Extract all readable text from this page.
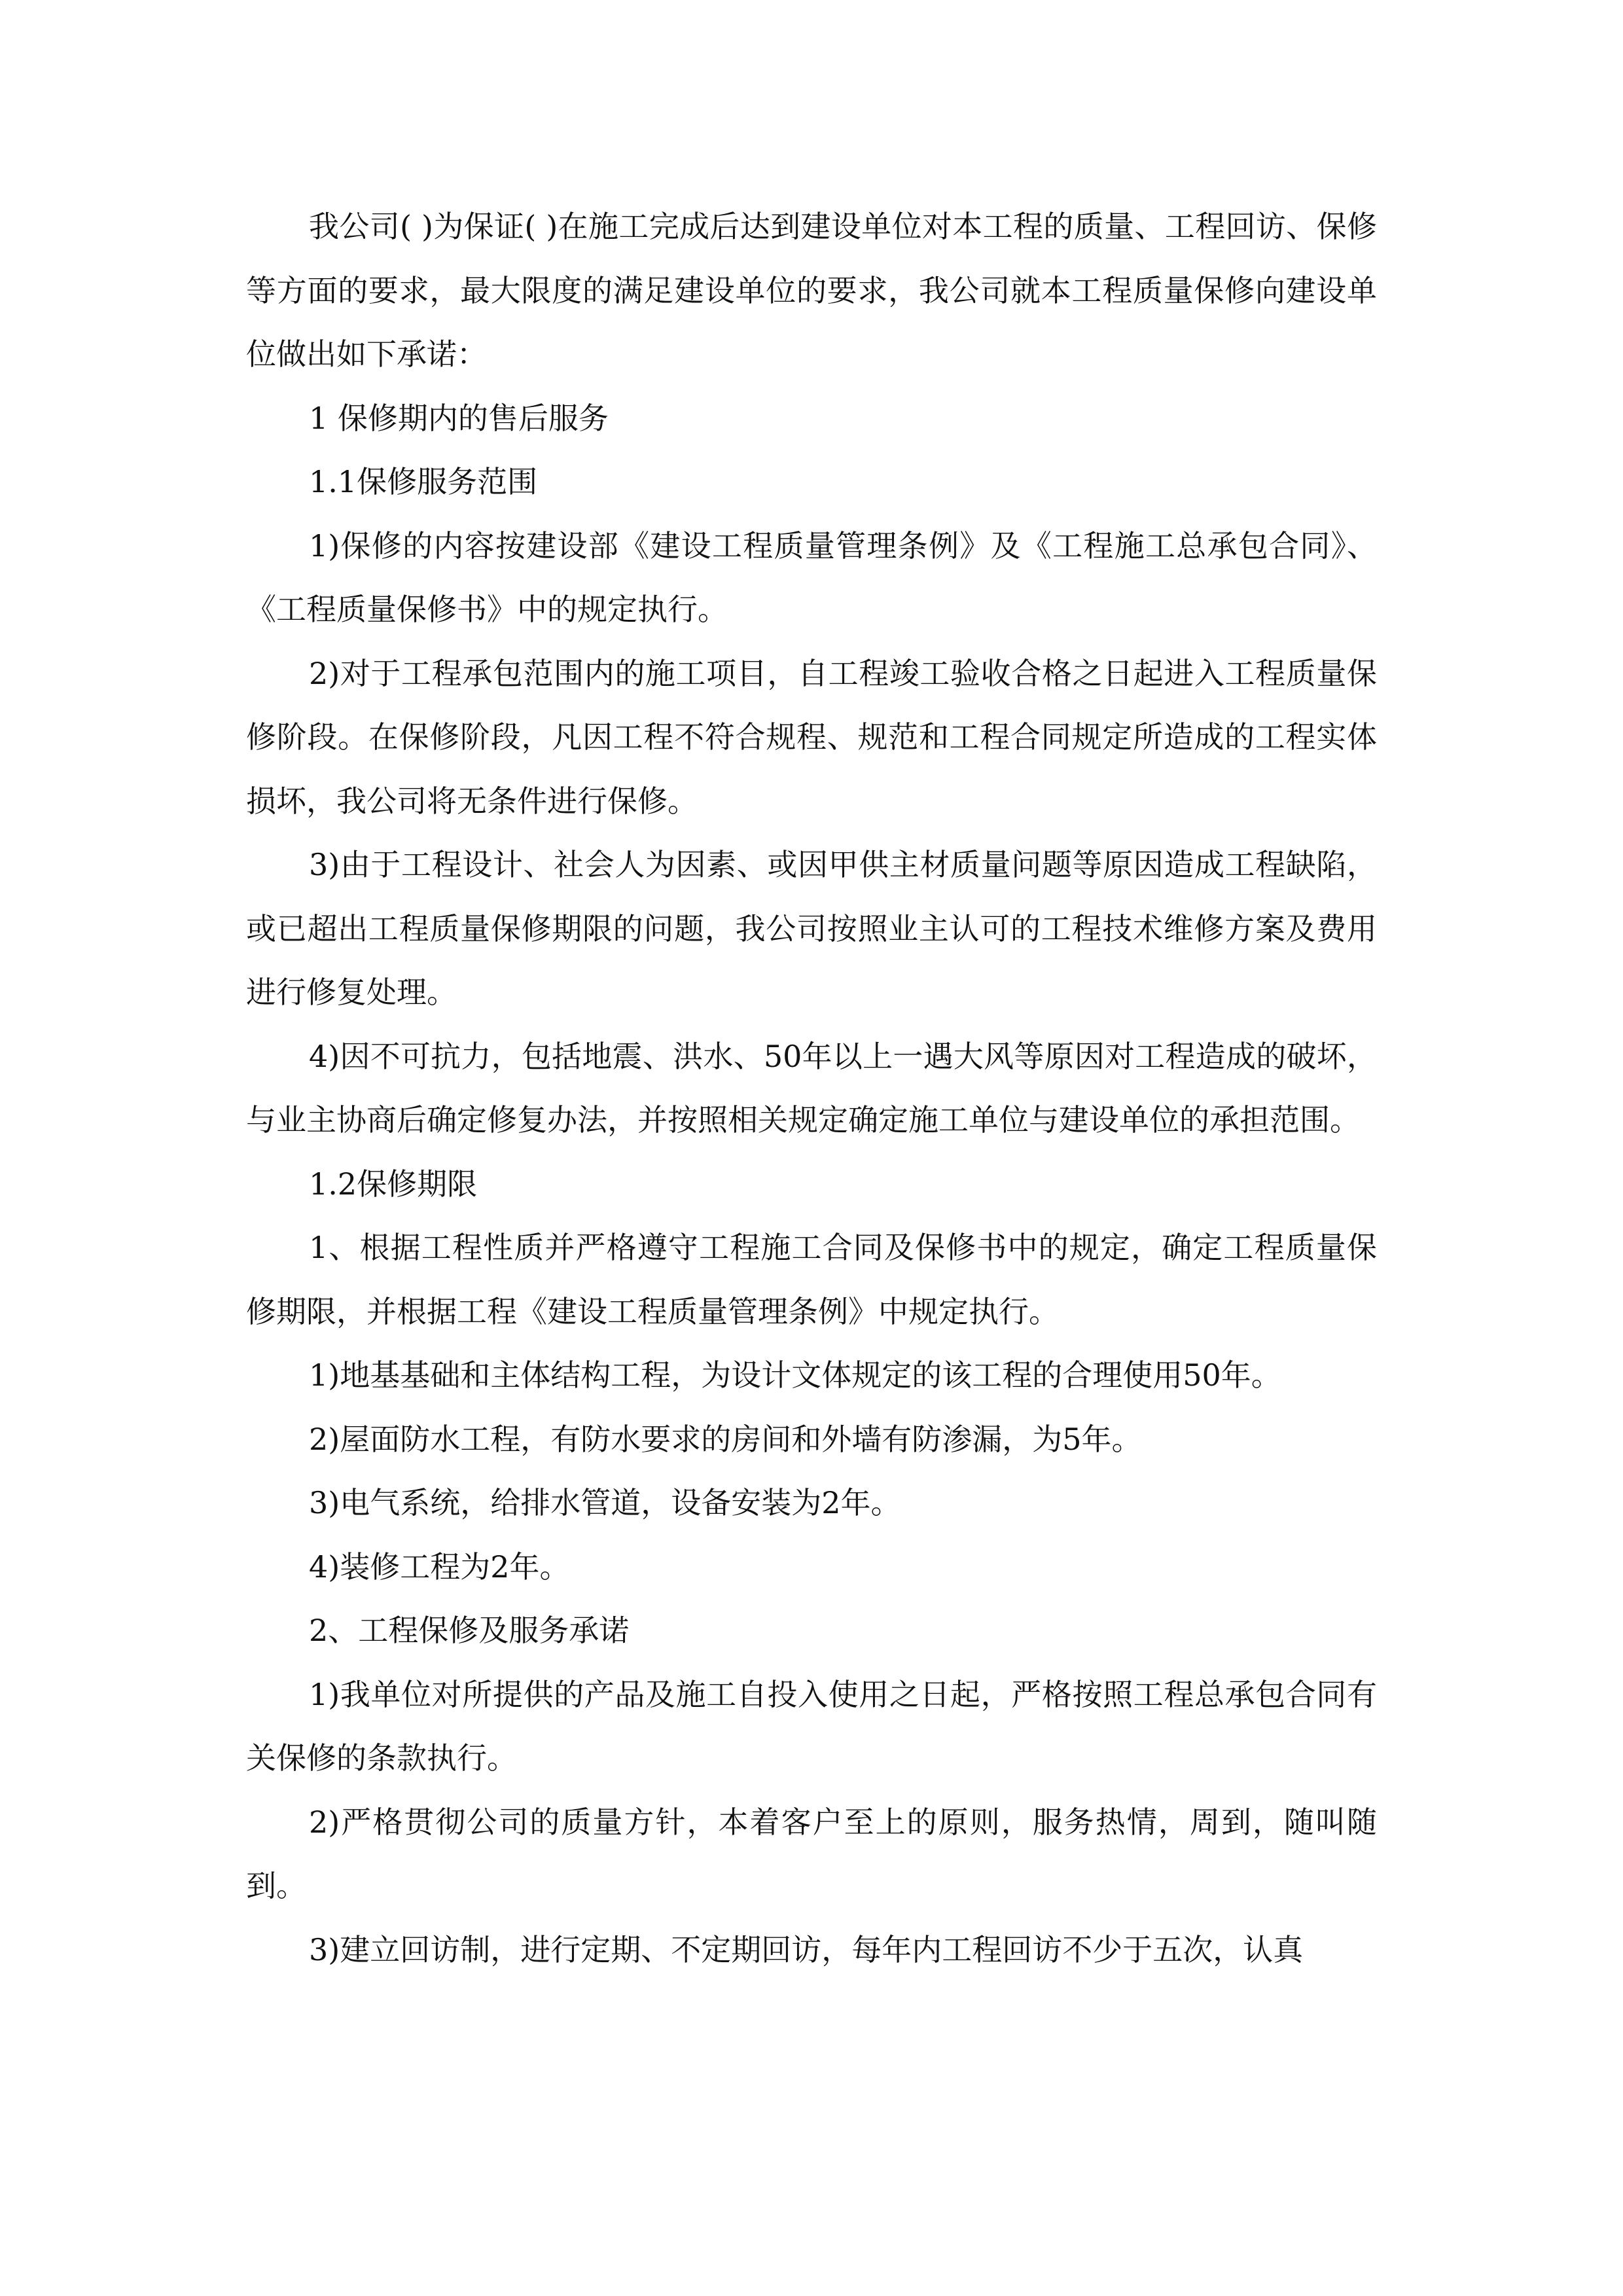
我公司( )为保证( )在施工完成后达到建设单位对本工程的质量、工程回访、保修等方面的要求，最大限度的满足建设单位的要求，我公司就本工程质量保修向建设单位做出如下承诺：

1 保修期内的售后服务

1.1保修服务范围

1)保修的内容按建设部《建设工程质量管理条例》及《工程施工总承包合同》、《工程质量保修书》中的规定执行。

2)对于工程承包范围内的施工项目，自工程竣工验收合格之日起进入工程质量保修阶段。在保修阶段，凡因工程不符合规程、规范和工程合同规定所造成的工程实体损坏，我公司将无条件进行保修。

3)由于工程设计、社会人为因素、或因甲供主材质量问题等原因造成工程缺陷，或已超出工程质量保修期限的问题，我公司按照业主认可的工程技术维修方案及费用进行修复处理。

4)因不可抗力，包括地震、洪水、50年以上一遇大风等原因对工程造成的破坏，与业主协商后确定修复办法，并按照相关规定确定施工单位与建设单位的承担范围。

1.2保修期限

1、根据工程性质并严格遵守工程施工合同及保修书中的规定，确定工程质量保修期限，并根据工程《建设工程质量管理条例》中规定执行。

1)地基基础和主体结构工程，为设计文体规定的该工程的合理使用50年。

2)屋面防水工程，有防水要求的房间和外墙有防渗漏，为5年。

3)电气系统，给排水管道，设备安装为2年。

4)装修工程为2年。

2、工程保修及服务承诺

1)我单位对所提供的产品及施工自投入使用之日起，严格按照工程总承包合同有关保修的条款执行。

2)严格贯彻公司的质量方针，本着客户至上的原则，服务热情，周到，随叫随到。

3)建立回访制，进行定期、不定期回访，每年内工程回访不少于五次，认真
